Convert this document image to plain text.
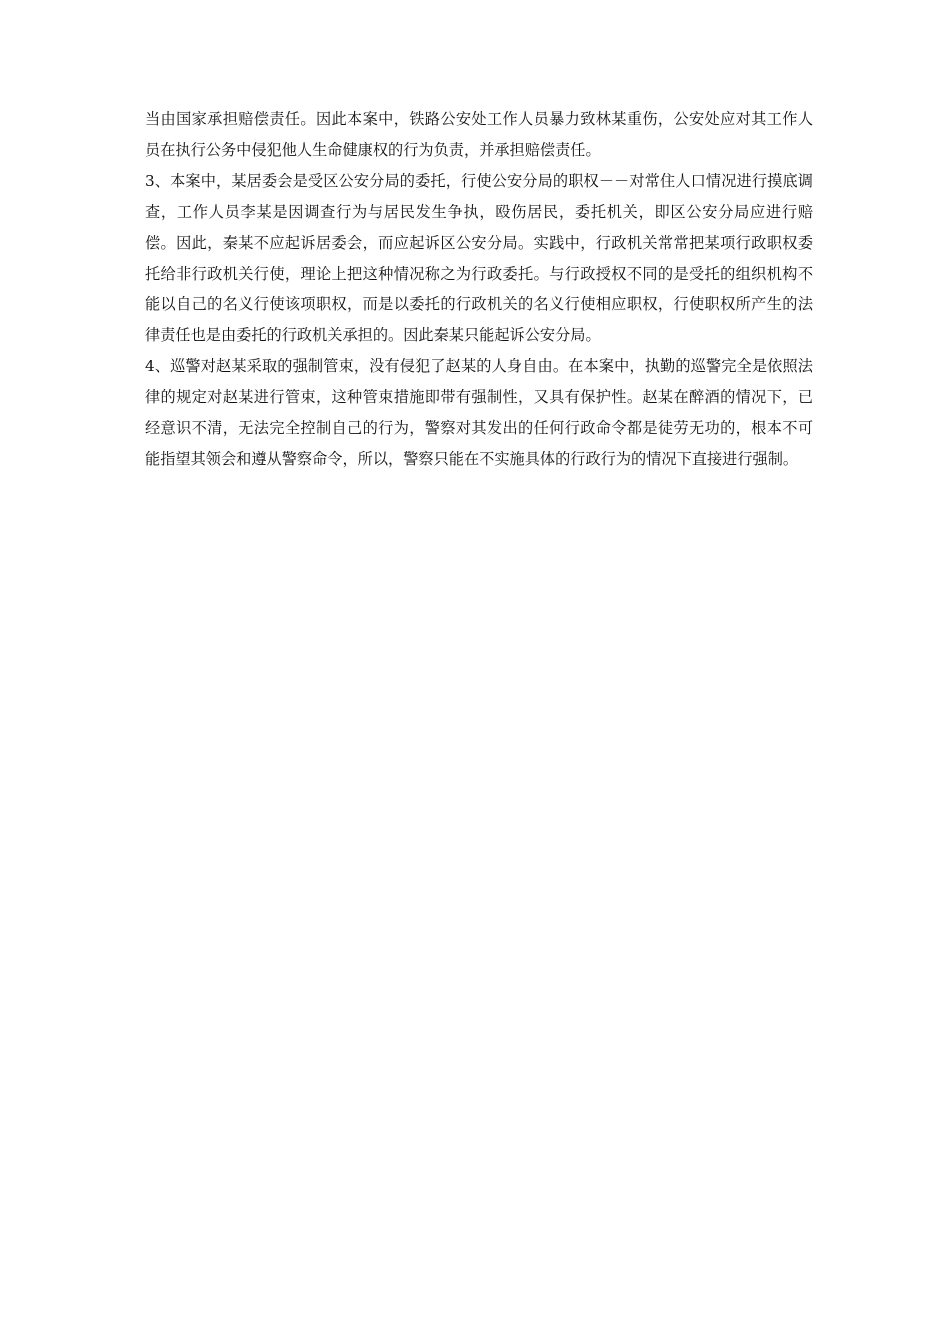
当由国家承担赔偿责任。因此本案中，铁路公安处工作人员暴力致林某重伤，公安处应对其工作人员在执行公务中侵犯他人生命健康权的行为负责，并承担赔偿责任。

3、本案中，某居委会是受区公安分局的委托，行使公安分局的职权－－对常住人口情况进行摸底调查，工作人员李某是因调查行为与居民发生争执，殴伤居民，委托机关，即区公安分局应进行赔偿。因此，秦某不应起诉居委会，而应起诉区公安分局。实践中，行政机关常常把某项行政职权委托给非行政机关行使，理论上把这种情况称之为行政委托。与行政授权不同的是受托的组织机构不能以自己的名义行使该项职权，而是以委托的行政机关的名义行使相应职权，行使职权所产生的法律责任也是由委托的行政机关承担的。因此秦某只能起诉公安分局。

4、巡警对赵某采取的强制管束，没有侵犯了赵某的人身自由。在本案中，执勤的巡警完全是依照法律的规定对赵某进行管束，这种管束措施即带有强制性，又具有保护性。赵某在醉酒的情况下，已经意识不清，无法完全控制自己的行为，警察对其发出的任何行政命令都是徒劳无功的，根本不可能指望其领会和遵从警察命令，所以，警察只能在不实施具体的行政行为的情况下直接进行强制。
